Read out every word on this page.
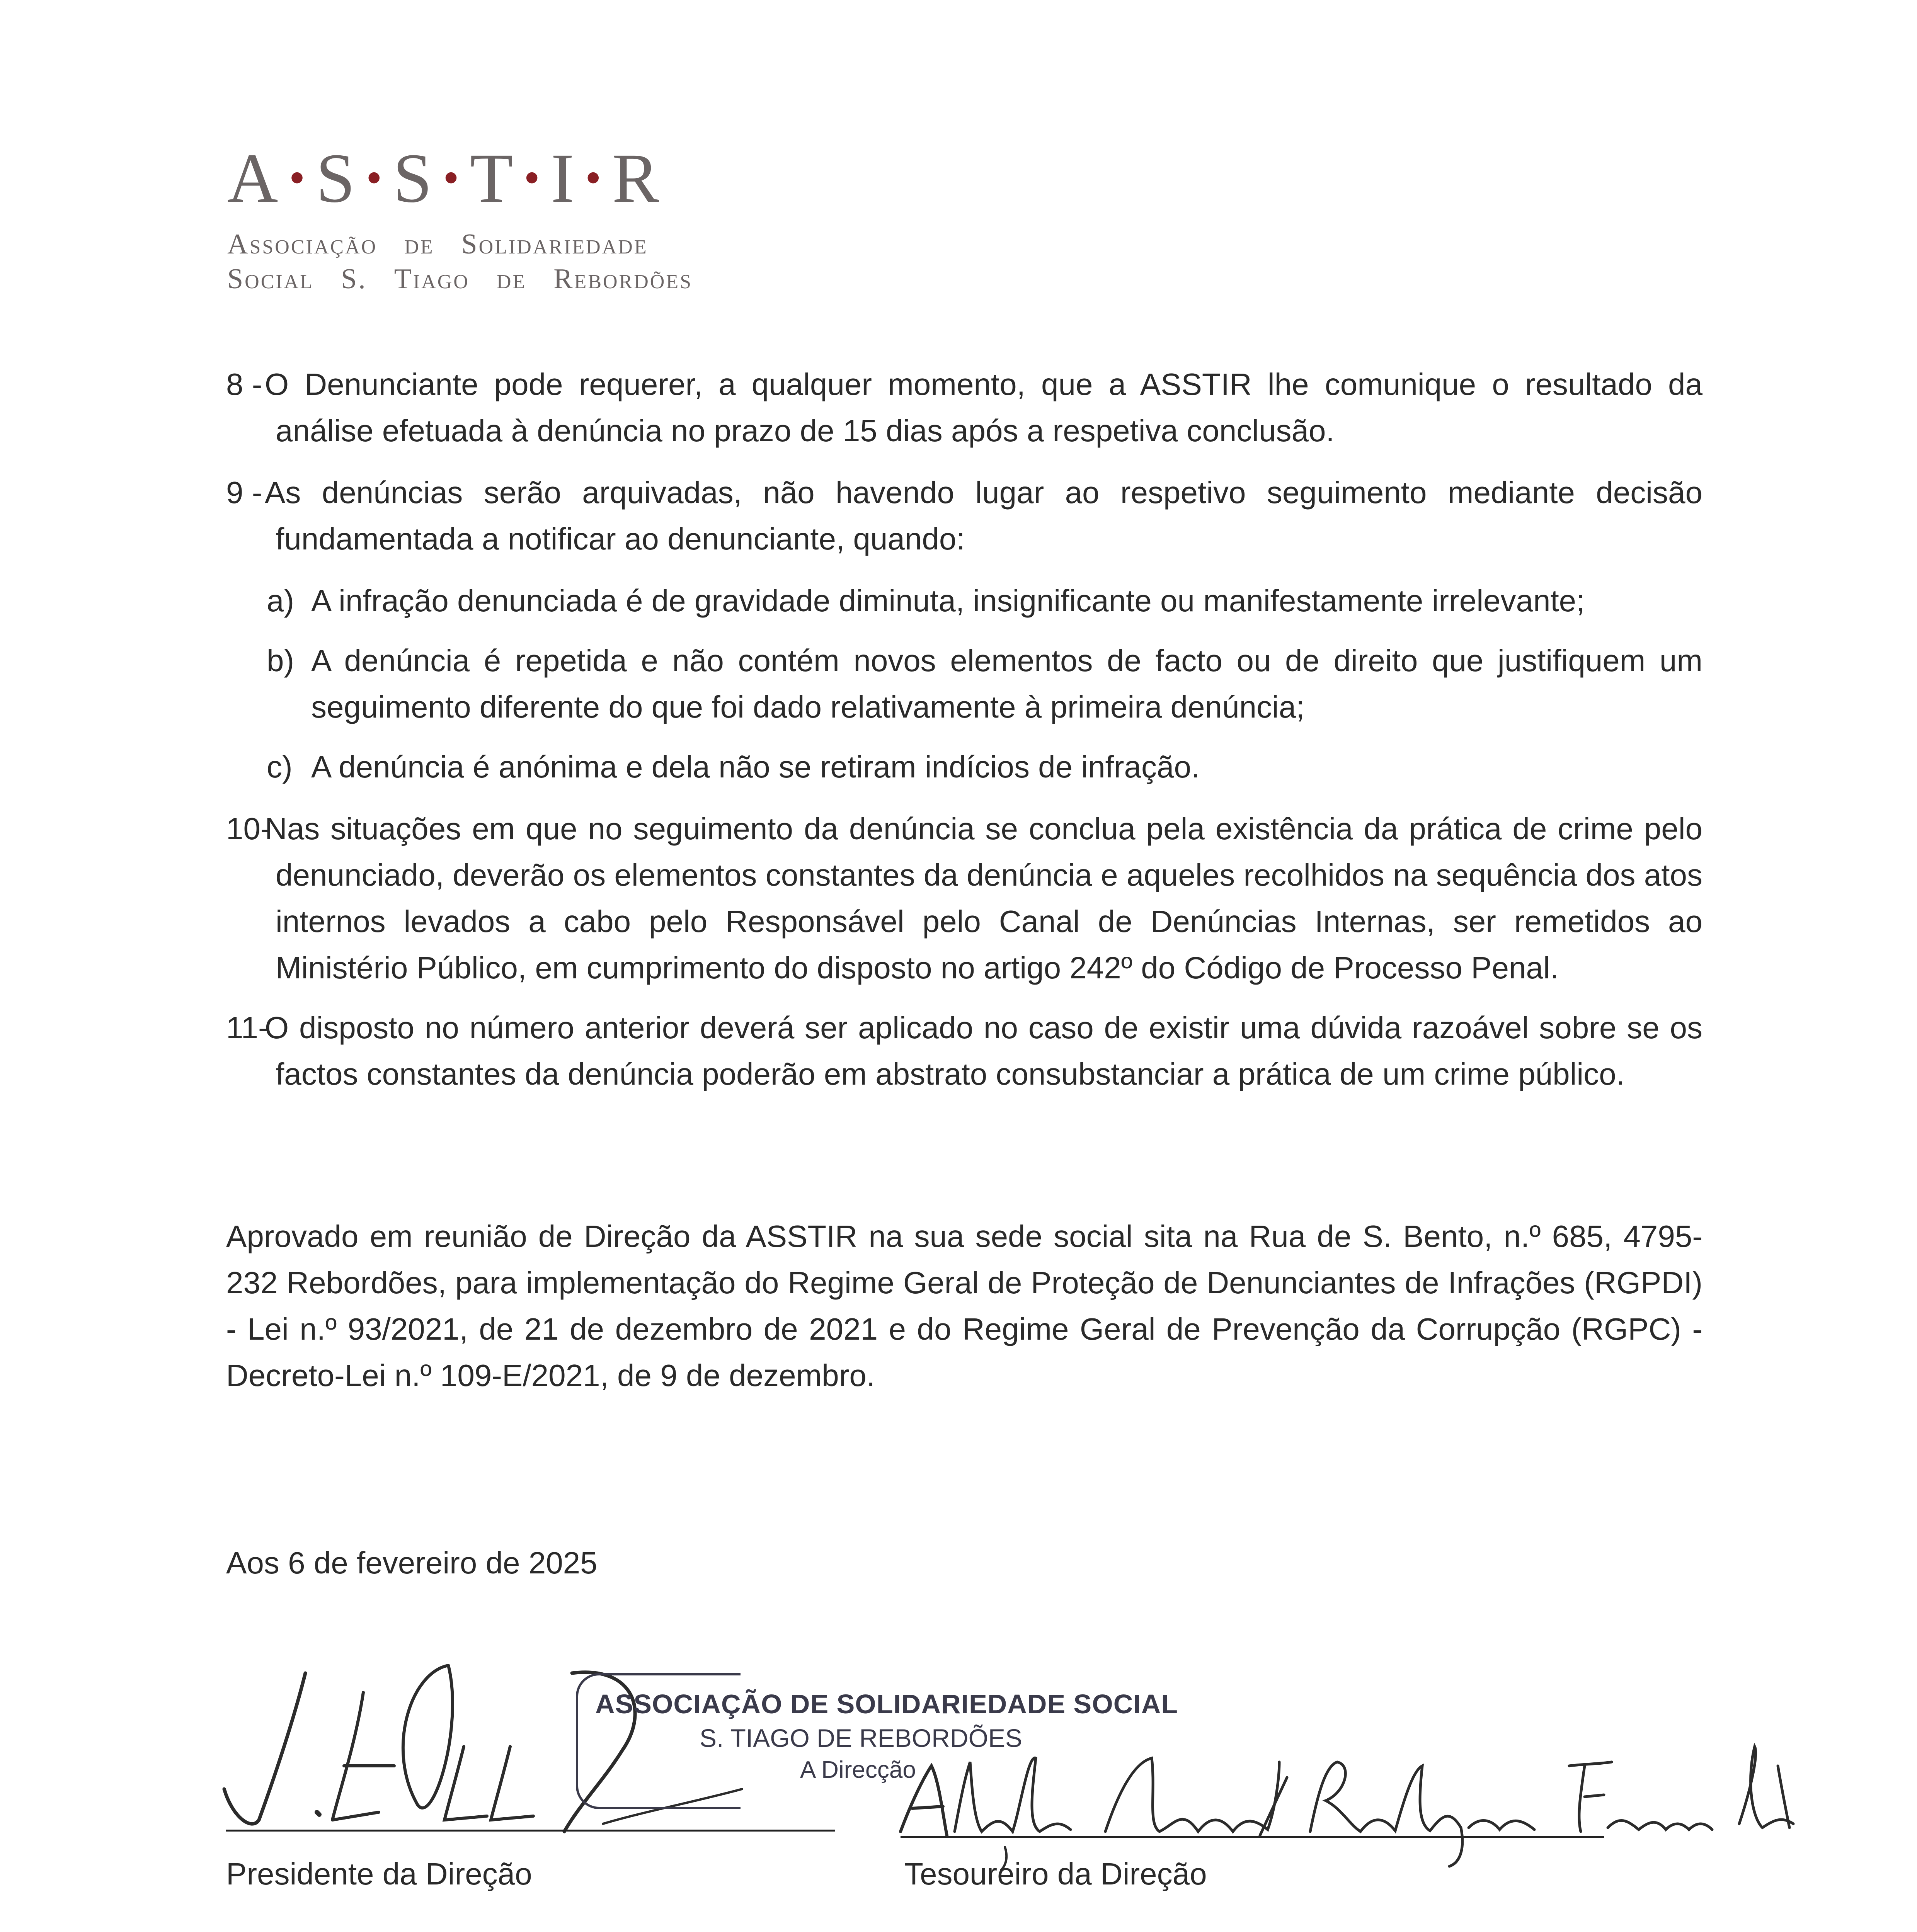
A • S • S • T • I • R
Associação de Solidariedade
Social S. Tiago de Rebordões
8 - O Denunciante pode requerer, a qualquer momento, que a ASSTIR lhe comunique o resultado da análise efetuada à denúncia no prazo de 15 dias após a respetiva conclusão.
9 - As denúncias serão arquivadas, não havendo lugar ao respetivo seguimento mediante decisão fundamentada a notificar ao denunciante, quando:
a) A infração denunciada é de gravidade diminuta, insignificante ou manifestamente irrelevante;
b) A denúncia é repetida e não contém novos elementos de facto ou de direito que justifiquem um seguimento diferente do que foi dado relativamente à primeira denúncia;
c) A denúncia é anónima e dela não se retiram indícios de infração.
10-
Nas situações em que no seguimento da denúncia se conclua pela existência da prática de crime pelo denunciado, deverão os elementos constantes da denúncia e aqueles recolhidos na sequência dos atos internos levados a cabo pelo Responsável pelo Canal de Denúncias Internas, ser remetidos ao Ministério Público, em cumprimento do disposto no artigo 242º do Código de Processo Penal.
11-
O disposto no número anterior deverá ser aplicado no caso de existir uma dúvida razoável sobre se os factos constantes da denúncia poderão em abstrato consubstanciar a prática de um crime público.
Aprovado em reunião de Direção da ASSTIR na sua sede social sita na Rua de S. Bento, n.º 685, 4795-232 Rebordões, para implementação do Regime Geral de Proteção de Denunciantes de Infrações (RGPDI) - Lei n.º 93/2021, de 21 de dezembro de 2021 e do Regime Geral de Prevenção da Corrupção (RGPC) - Decreto-Lei n.º 109-E/2021, de 9 de dezembro.
Aos 6 de fevereiro de 2025
ASSOCIAÇÃO DE SOLIDARIEDADE SOCIAL
S. TIAGO DE REBORDÕES
A Direcção
Presidente da Direção	Tesoureiro da Direção
